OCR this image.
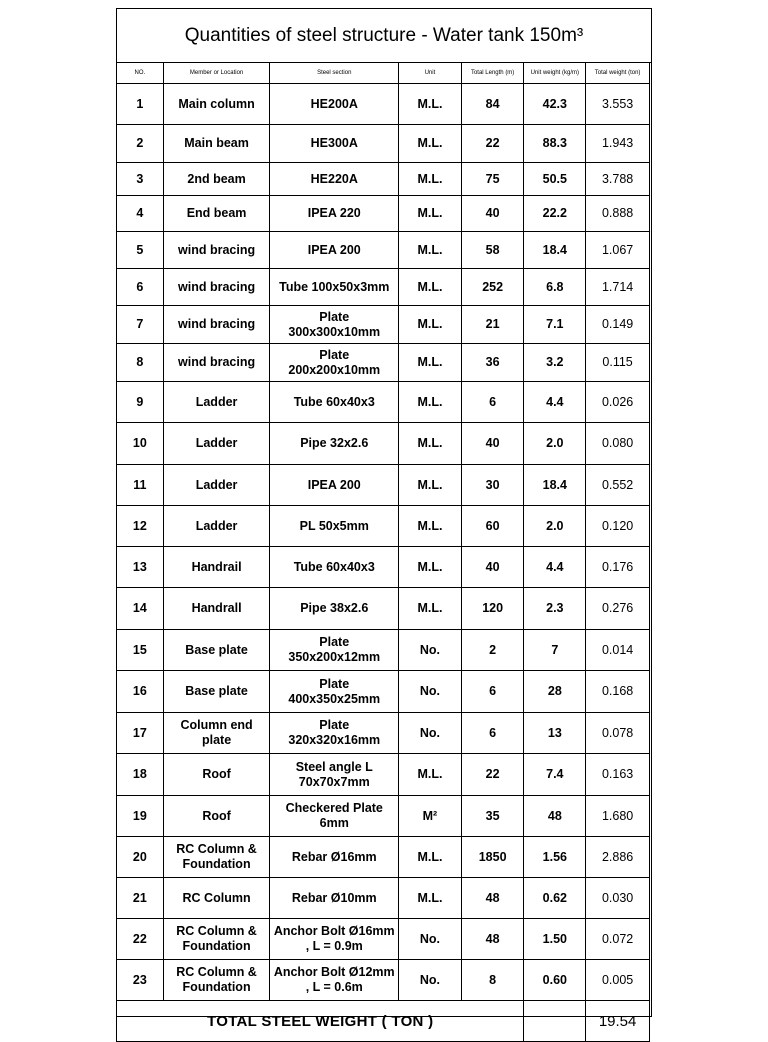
Quantities of steel structure - Water tank 150m³
NO.	Member or Location	Steel section	Unit	Total Length (m)	Unit weight (kg/m)	Total weight (ton)
1	Main column	HE200A	M.L.	84	42.3	3.553
2	Main beam	HE300A	M.L.	22	88.3	1.943
3	2nd beam	HE220A	M.L.	75	50.5	3.788
4	End beam	IPEA 220	M.L.	40	22.2	0.888
5	wind bracing	IPEA 200	M.L.	58	18.4	1.067
6	wind bracing	Tube 100x50x3mm	M.L.	252	6.8	1.714
7	wind bracing	Plate 300x300x10mm	M.L.	21	7.1	0.149
8	wind bracing	Plate 200x200x10mm	M.L.	36	3.2	0.115
9	Ladder	Tube 60x40x3	M.L.	6	4.4	0.026
10	Ladder	Pipe 32x2.6	M.L.	40	2.0	0.080
11	Ladder	IPEA 200	M.L.	30	18.4	0.552
12	Ladder	PL 50x5mm	M.L.	60	2.0	0.120
13	Handrail	Tube 60x40x3	M.L.	40	4.4	0.176
14	Handrall	Pipe 38x2.6	M.L.	120	2.3	0.276
15	Base plate	Plate 350x200x12mm	No.	2	7	0.014
16	Base plate	Plate 400x350x25mm	No.	6	28	0.168
17	Column end plate	Plate 320x320x16mm	No.	6	13	0.078
18	Roof	Steel angle L 70x70x7mm	M.L.	22	7.4	0.163
19	Roof	Checkered Plate 6mm	M²	35	48	1.680
20	RC Column & Foundation	Rebar Ø16mm	M.L.	1850	1.56	2.886
21	RC Column	Rebar Ø10mm	M.L.	48	0.62	0.030
22	RC Column & Foundation	Anchor Bolt Ø16mm , L = 0.9m	No.	48	1.50	0.072
23	RC Column & Foundation	Anchor Bolt Ø12mm , L = 0.6m	No.	8	0.60	0.005
TOTAL STEEL WEIGHT ( TON )						19.54
